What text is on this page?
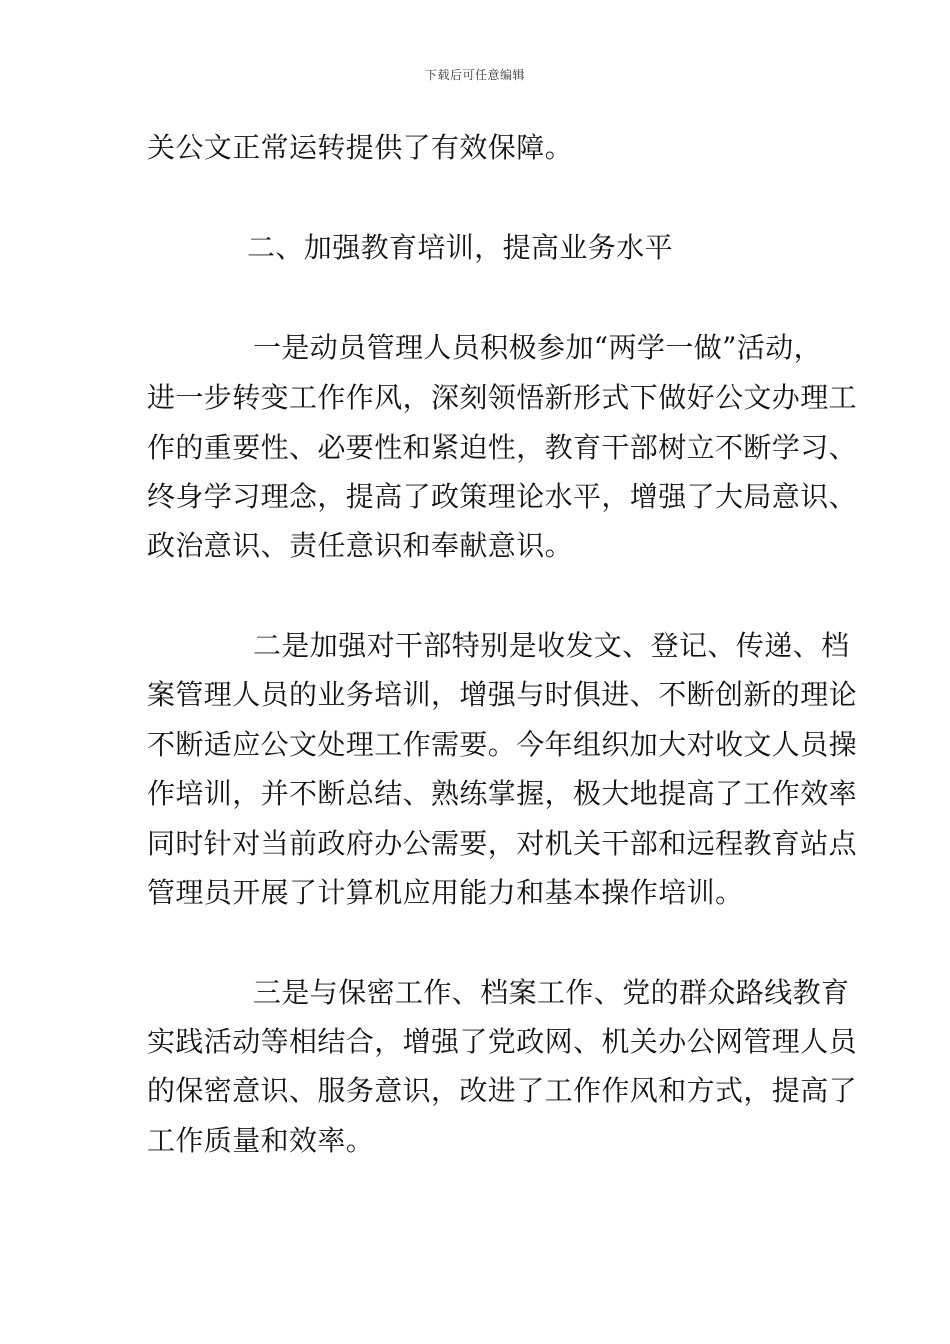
下载后可任意编辑
关公文正常运转提供了有效保障。
二、加强教育培训，提高业务水平
一是动员管理人员积极参加“两学一做”活动，
进一步转变工作作风，深刻领悟新形式下做好公文办理工
作的重要性、必要性和紧迫性，教育干部树立不断学习、
终身学习理念，提高了政策理论水平，增强了大局意识、
政治意识、责任意识和奉献意识。
二是加强对干部特别是收发文、登记、传递、档
案管理人员的业务培训，增强与时俱进、不断创新的理论
不断适应公文处理工作需要。今年组织加大对收文人员操
作培训，并不断总结、熟练掌握，极大地提高了工作效率
同时针对当前政府办公需要，对机关干部和远程教育站点
管理员开展了计算机应用能力和基本操作培训。
三是与保密工作、档案工作、党的群众路线教育
实践活动等相结合，增强了党政网、机关办公网管理人员
的保密意识、服务意识，改进了工作作风和方式，提高了
工作质量和效率。
